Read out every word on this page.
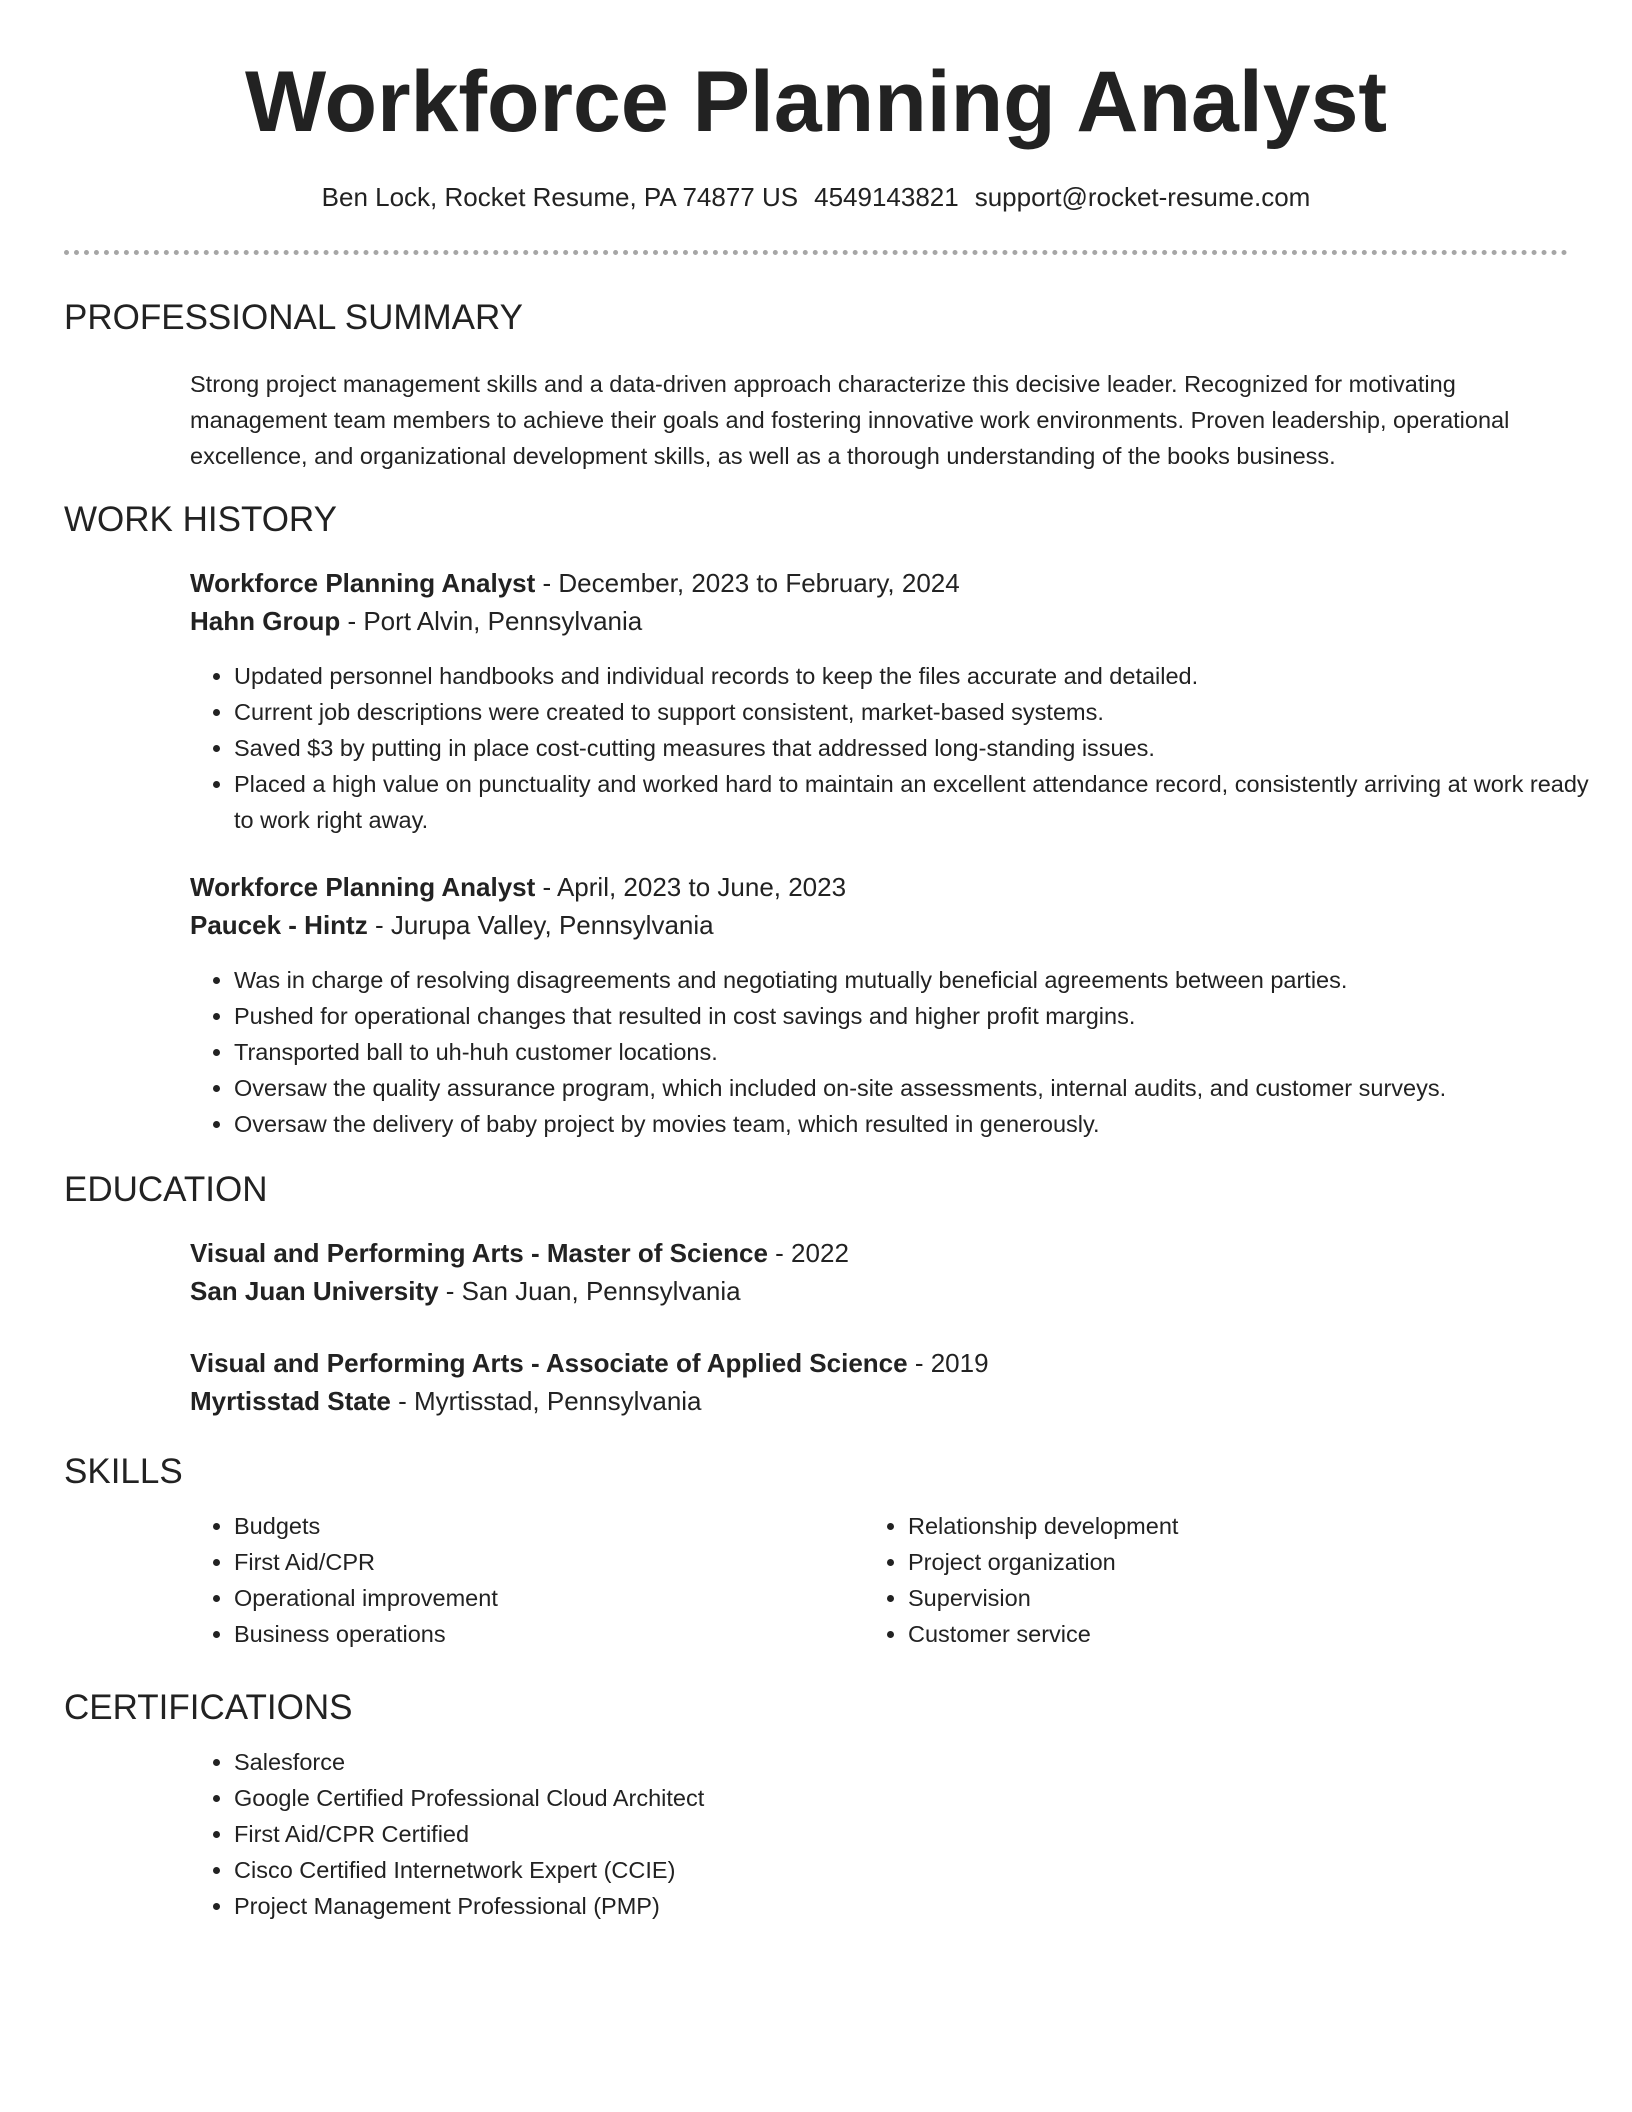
Workforce Planning Analyst
Ben Lock, Rocket Resume, PA 74877 US 4549143821 support@rocket-resume.com
PROFESSIONAL SUMMARY
Strong project management skills and a data-driven approach characterize this decisive leader. Recognized for motivating management team members to achieve their goals and fostering innovative work environments. Proven leadership, operational excellence, and organizational development skills, as well as a thorough understanding of the books business.
WORK HISTORY
Workforce Planning Analyst - December, 2023 to February, 2024
Hahn Group - Port Alvin, Pennsylvania
• Updated personnel handbooks and individual records to keep the files accurate and detailed.
• Current job descriptions were created to support consistent, market-based systems.
• Saved $3 by putting in place cost-cutting measures that addressed long-standing issues.
• Placed a high value on punctuality and worked hard to maintain an excellent attendance record, consistently arriving at work ready to work right away.
Workforce Planning Analyst - April, 2023 to June, 2023
Paucek - Hintz - Jurupa Valley, Pennsylvania
• Was in charge of resolving disagreements and negotiating mutually beneficial agreements between parties.
• Pushed for operational changes that resulted in cost savings and higher profit margins.
• Transported ball to uh-huh customer locations.
• Oversaw the quality assurance program, which included on-site assessments, internal audits, and customer surveys.
• Oversaw the delivery of baby project by movies team, which resulted in generously.
EDUCATION
Visual and Performing Arts - Master of Science - 2022
San Juan University - San Juan, Pennsylvania
Visual and Performing Arts - Associate of Applied Science - 2019
Myrtisstad State - Myrtisstad, Pennsylvania
SKILLS
• Budgets
• First Aid/CPR
• Operational improvement
• Business operations
• Relationship development
• Project organization
• Supervision
• Customer service
CERTIFICATIONS
• Salesforce
• Google Certified Professional Cloud Architect
• First Aid/CPR Certified
• Cisco Certified Internetwork Expert (CCIE)
• Project Management Professional (PMP)
